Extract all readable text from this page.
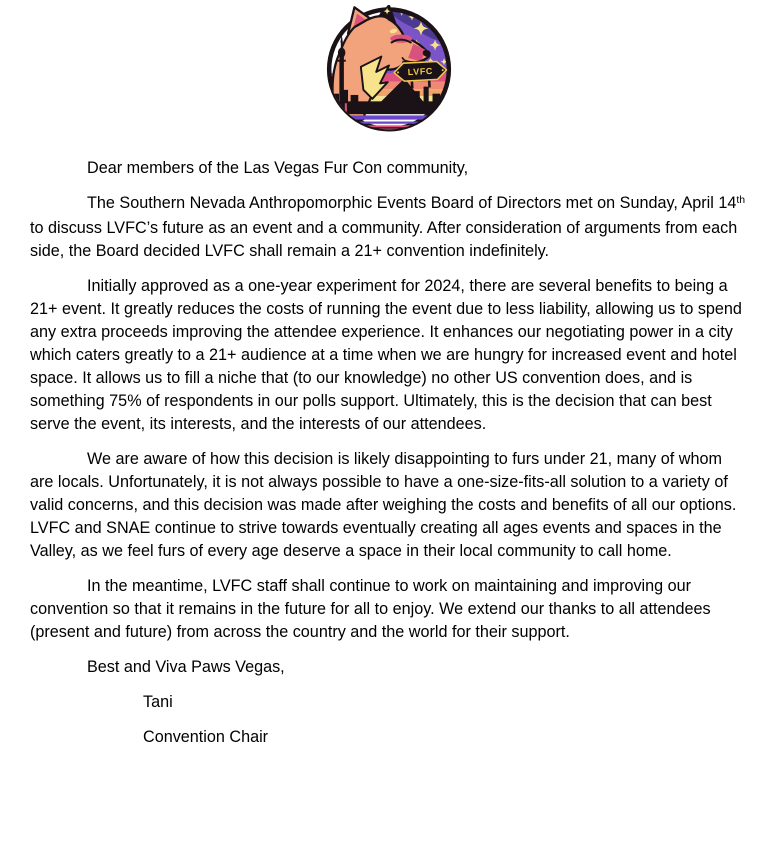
LVFC

Dear members of the Las Vegas Fur Con community,

The Southern Nevada Anthropomorphic Events Board of Directors met on Sunday, April 14th to discuss LVFC’s future as an event and a community. After consideration of arguments from each side, the Board decided LVFC shall remain a 21+ convention indefinitely.

Initially approved as a one-year experiment for 2024, there are several benefits to being a 21+ event. It greatly reduces the costs of running the event due to less liability, allowing us to spend any extra proceeds improving the attendee experience. It enhances our negotiating power in a city which caters greatly to a 21+ audience at a time when we are hungry for increased event and hotel space. It allows us to fill a niche that (to our knowledge) no other US convention does, and is something 75% of respondents in our polls support. Ultimately, this is the decision that can best serve the event, its interests, and the interests of our attendees.

We are aware of how this decision is likely disappointing to furs under 21, many of whom are locals. Unfortunately, it is not always possible to have a one-size-fits-all solution to a variety of valid concerns, and this decision was made after weighing the costs and benefits of all our options. LVFC and SNAE continue to strive towards eventually creating all ages events and spaces in the Valley, as we feel furs of every age deserve a space in their local community to call home.

In the meantime, LVFC staff shall continue to work on maintaining and improving our convention so that it remains in the future for all to enjoy. We extend our thanks to all attendees (present and future) from across the country and the world for their support.

Best and Viva Paws Vegas,

Tani

Convention Chair
